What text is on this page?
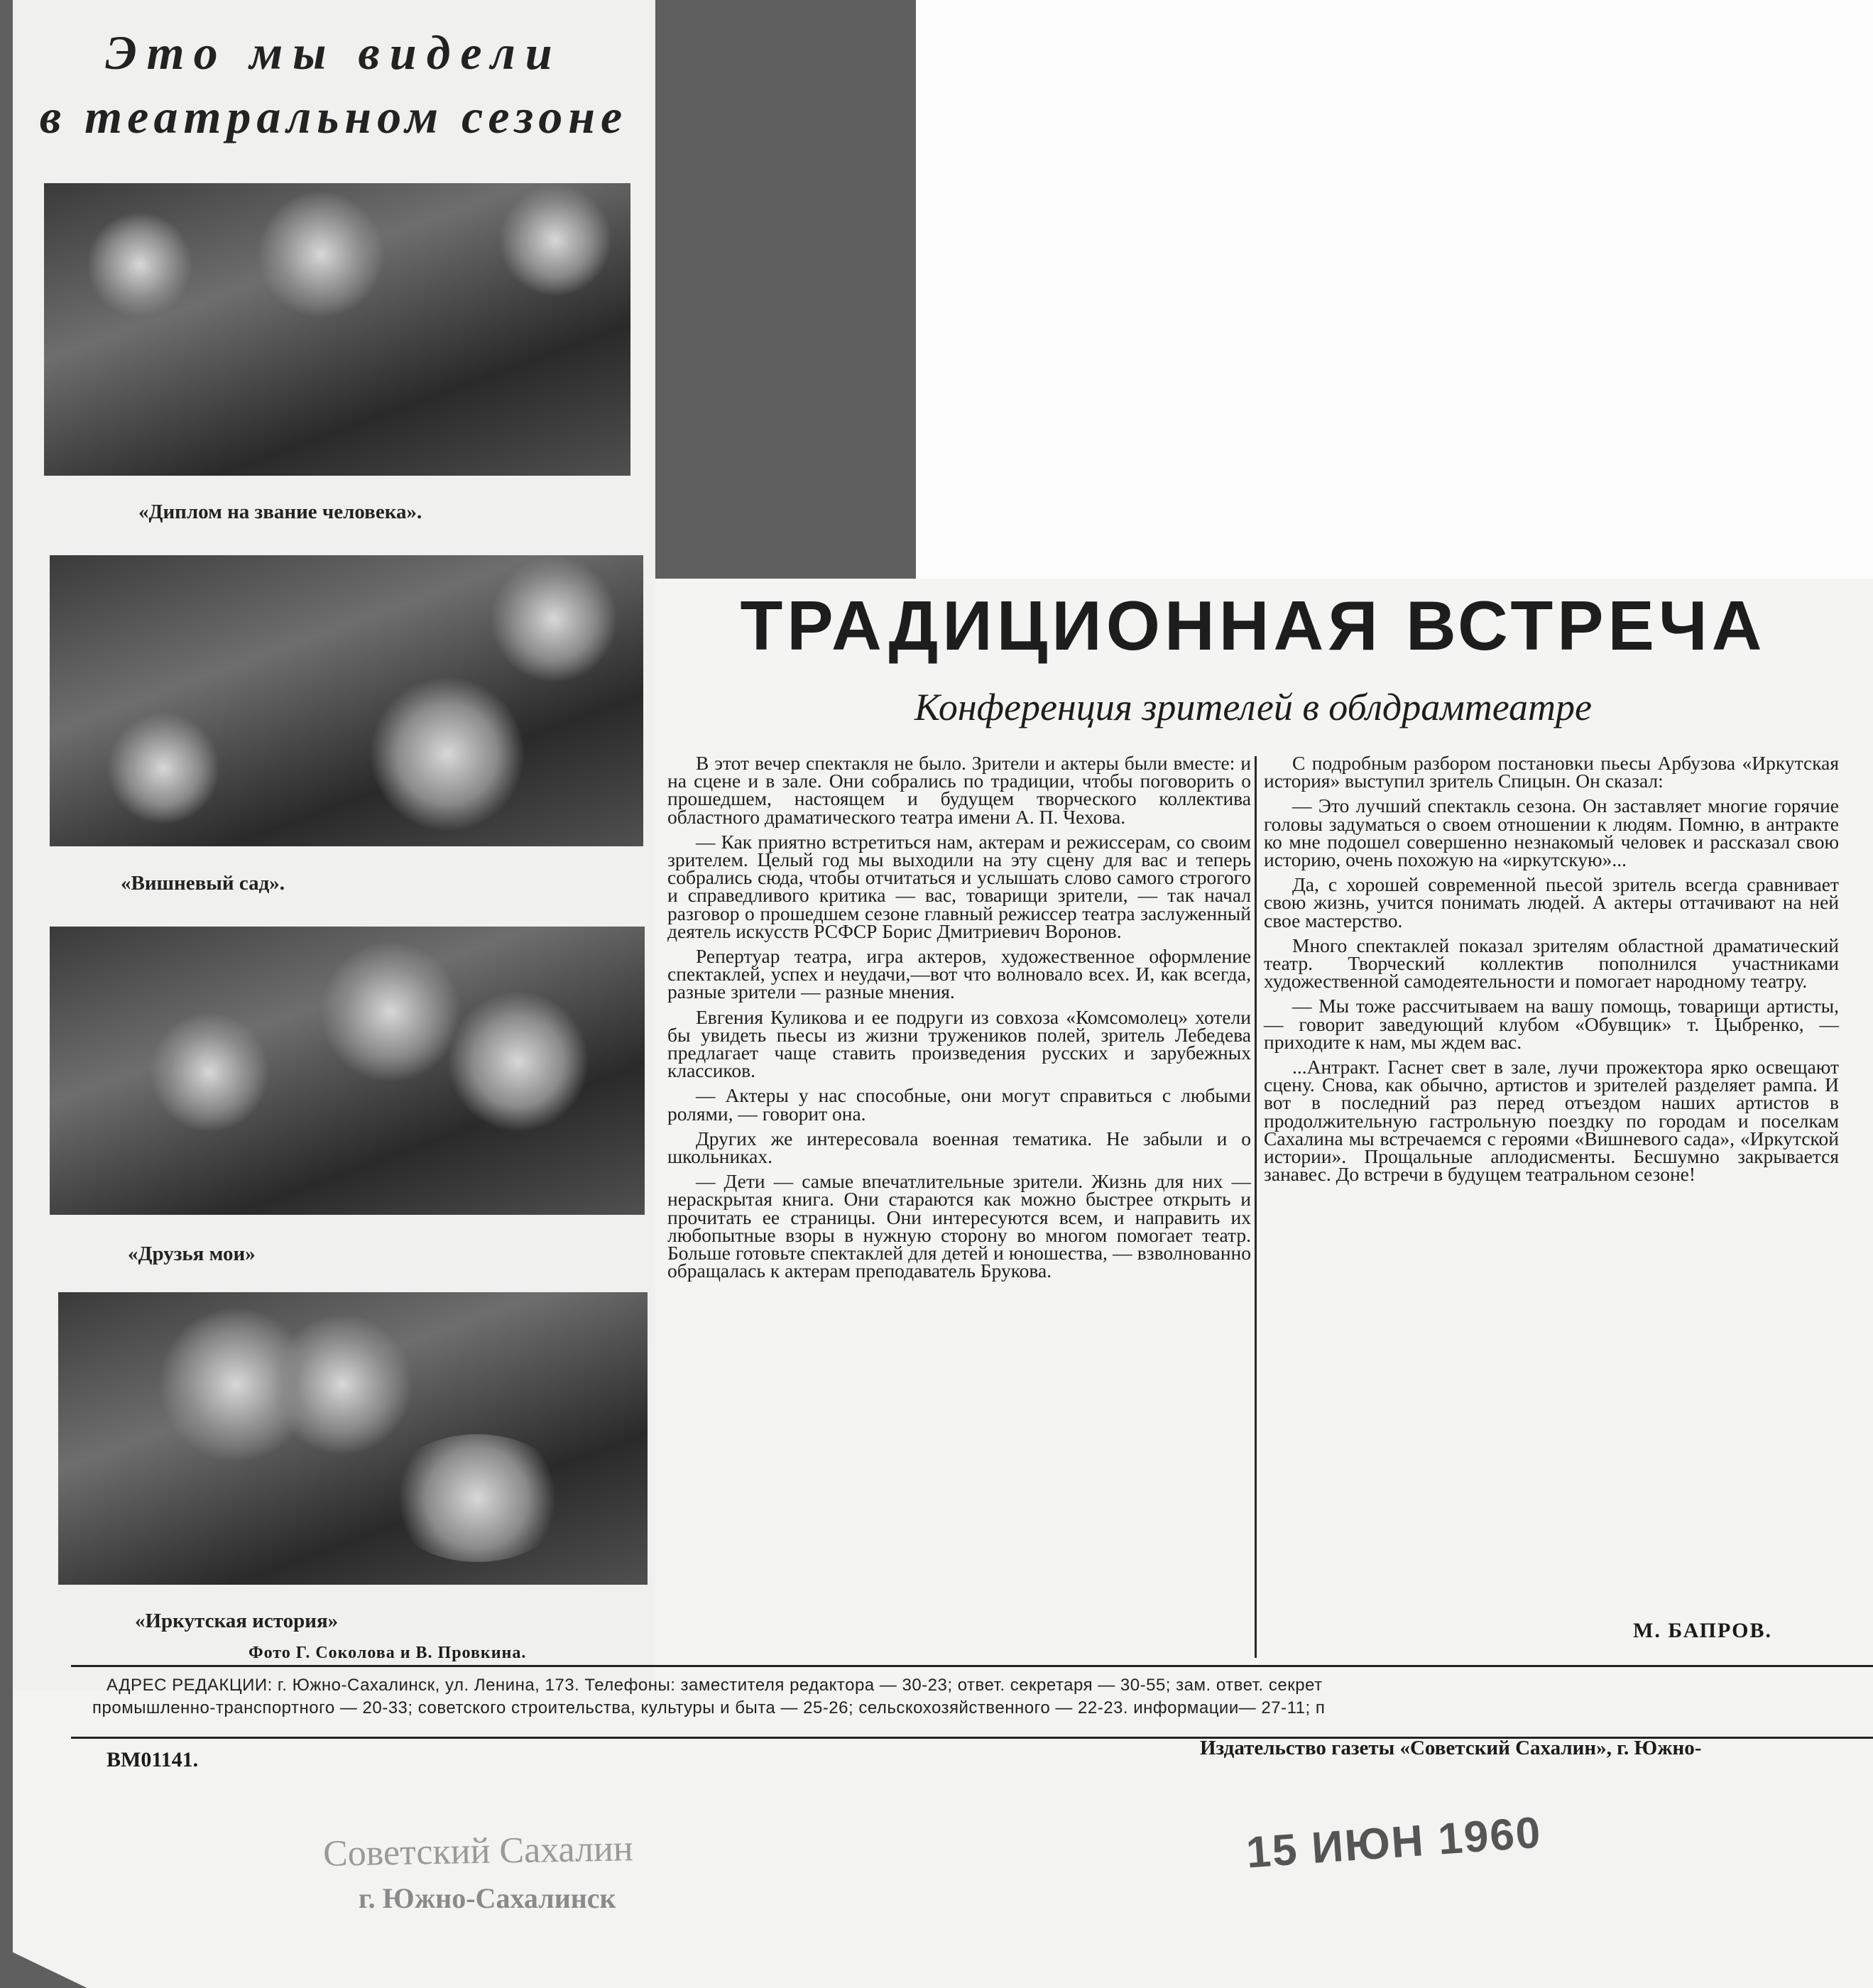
Это мы видели
в театральном сезоне
«Диплом на звание человека».
«Вишневый сад».
«Друзья мои»
«Иркутская история»
Фото Г. Соколова и В. Провкина.
ТРАДИЦИОННАЯ ВСТРЕЧА
Конференция зрителей в облдрамтеатре

В этот вечер спектакля не было. Зрители и актеры были вместе: и на сцене и в зале. Они собрались по традиции, чтобы поговорить о прошедшем, настоящем и будущем творческого коллектива областного драматического театра имени А. П. Чехова.

— Как приятно встретиться нам, актерам и режиссерам, со своим зрителем. Целый год мы выходили на эту сцену для вас и теперь собрались сюда, чтобы отчитаться и услышать слово самого строгого и справедливого критика — вас, товарищи зрители, — так начал разговор о прошедшем сезоне главный режиссер театра заслуженный деятель искусств РСФСР Борис Дмитриевич Воронов.

Репертуар театра, игра актеров, художественное оформление спектаклей, успех и неудачи,—вот что волновало всех. И, как всегда, разные зрители — разные мнения.

Евгения Куликова и ее подруги из совхоза «Комсомолец» хотели бы увидеть пьесы из жизни тружеников полей, зритель Лебедева предлагает чаще ставить произведения русских и зарубежных классиков.

— Актеры у нас способные, они могут справиться с любыми ролями, — говорит она.

Других же интересовала военная тематика. Не забыли и о школьниках.

— Дети — самые впечатлительные зрители. Жизнь для них — нераскрытая книга. Они стараются как можно быстрее открыть и прочитать ее страницы. Они интересуются всем, и направить их любопытные взоры в нужную сторону во многом помогает театр. Больше готовьте спектаклей для детей и юношества, — взволнованно обращалась к актерам преподаватель Брукова.

С подробным разбором постановки пьесы Арбузова «Иркутская история» выступил зритель Спицын. Он сказал:

— Это лучший спектакль сезона. Он заставляет многие горячие головы задуматься о своем отношении к людям. Помню, в антракте ко мне подошел совершенно незнакомый человек и рассказал свою историю, очень похожую на «иркутскую»...

Да, с хорошей современной пьесой зритель всегда сравнивает свою жизнь, учится понимать людей. А актеры оттачивают на ней свое мастерство.

Много спектаклей показал зрителям областной драматический театр. Творческий коллектив пополнился участниками художественной самодеятельности и помогает народному театру.

— Мы тоже рассчитываем на вашу помощь, товарищи артисты, — говорит заведующий клубом «Обувщик» т. Цыбренко, — приходите к нам, мы ждем вас.

...Антракт. Гаснет свет в зале, лучи прожектора ярко освещают сцену. Снова, как обычно, артистов и зрителей разделяет рампа. И вот в последний раз перед отъездом наших артистов в продолжительную гастрольную поездку по городам и поселкам Сахалина мы встречаемся с героями «Вишневого сада», «Иркутской истории». Прощальные аплодисменты. Бесшумно закрывается занавес. До встречи в будущем театральном сезоне!

М. БАПРОВ.
АДРЕС РЕДАКЦИИ: г. Южно-Сахалинск, ул. Ленина, 173. Телефоны: заместителя редактора — 30-23; ответ. секретаря — 30-55; зам. ответ. секрет
промышленно-транспортного — 20-33; советского строительства, культуры и быта — 25-26; сельскохозяйственного — 22-23. информации— 27-11; п
ВМ01141.	Издательство газеты «Советский Сахалин», г. Южно-
Советский Сахалин
г. Южно-Сахалинск
15 ИЮН 1960
